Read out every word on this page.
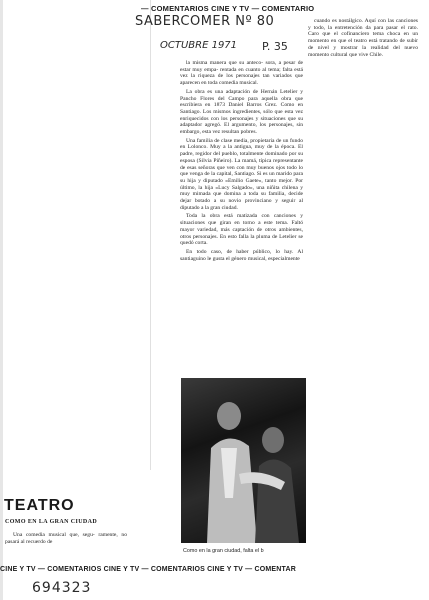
— COMENTARIOS CINE Y TV — COMENTARIO
SABERCOMER Nº 80
OCTUBRE 1971 P. 35
cuando es nostálgico. Aquí con las canciones y todo, la entretención da para pasar el rato. Caro que el cofinanciero tema choca en un momento en que el teatro está tratando de subir de nivel y mostrar la realidad del nuevo momento cultural que vive Chile.

la misma manera que su anteco- sora, a pesar de estar muy empa- rentada en cuanto al tema; falta está vez la riqueza de los personajes tan variados que aparecen en toda comedia musical.

La obra es una adaptación de Hernán Letelier y Pancho Flores del Campo para aquella obra que escribiera en 1873 Daniel Barros Grez. Como en Santiago. Los mismos ingredientes, sólo que esta vez enriquecidos con los personajes y situaciones que su adaptador agregó. El argumento, los personajes, sin embargo, esta vez resultan pobres.

Una familia de clase media, propietaria de un fundo en Lolonco. Muy a la antigua, muy de la época. El padre, regidor del pueblo, totalmente dominado por su esposa (Silvia Piñeiro). La mamá, típica representante de esas señoras que ven con muy buenos ojos todo lo que venga de la capital, Santiago. Si es un marido para su hija y diputado «Emilio Gaete», tanto mejor. Por último, la hija «Lucy Salgado», una niñita chilena y muy mimada que domina a toda su familia, decide dejar botado a su novio provinciano y seguir al diputado a la gran ciudad.

Toda la obra está matizada con canciones y situaciones que giran en torno a este tema. Faltó mayor variedad, más captación de otros ambientes, otros personajes. En esto falla la pluma de Letelier se quedó corta.

En todo caso, de haber público, lo hay. Al santiaguino le gusta el género musical, especialmente

Como en la gran ciudad, falta el b
TEATRO
COMO EN LA GRAN CIUDAD
Una comedia musical que, segu- ramente, no pasará al recuerdo de
CINE Y TV — COMENTARIOS CINE Y TV — COMENTARIOS CINE Y TV — COMENTAR
694323
